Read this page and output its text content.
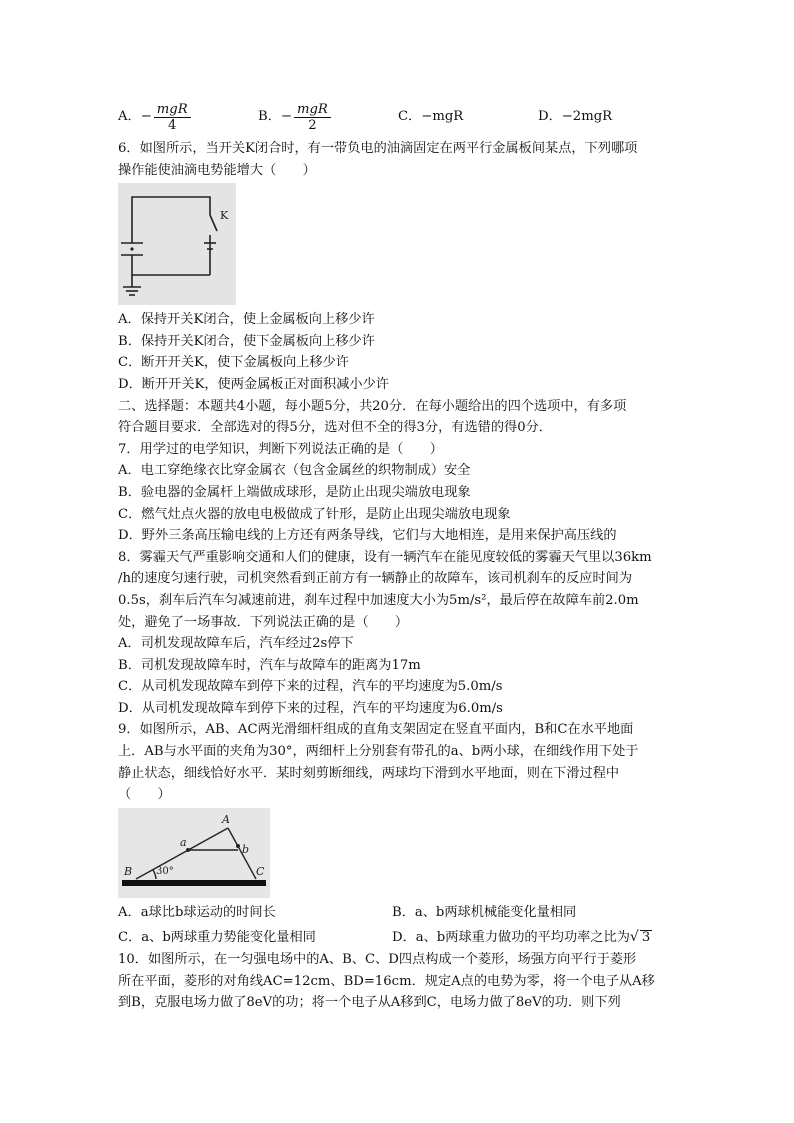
A．− $\frac{\text{mgR}}{4}$	B．− $\frac{\text{mgR}}{2}$	C．−mgR	D．−2mgR
6．如图所示，当开关K闭合时，有一带负电的油滴固定在两平行金属板间某点，下列哪项
操作能使油滴电势能增大（　　）
K
A．保持开关K闭合，使上金属板向上移少许
B．保持开关K闭合，使下金属板向上移少许
C．断开开关K，使下金属板向上移少许
D．断开开关K，使两金属板正对面积减小少许
二、选择题：本题共4小题，每小题5分，共20分．在每小题给出的四个选项中，有多项
符合题目要求．全部选对的得5分，选对但不全的得3分，有选错的得0分．
7．用学过的电学知识，判断下列说法正确的是（　　）
A．电工穿绝缘衣比穿金属衣（包含金属丝的织物制成）安全
B．验电器的金属杆上端做成球形，是防止出现尖端放电现象
C．燃气灶点火器的放电电极做成了针形，是防止出现尖端放电现象
D．野外三条高压输电线的上方还有两条导线，它们与大地相连，是用来保护高压线的
8．雾霾天气严重影响交通和人们的健康，设有一辆汽车在能见度较低的雾霾天气里以36km
/h的速度匀速行驶，司机突然看到正前方有一辆静止的故障车，该司机刹车的反应时间为
0.5s，刹车后汽车匀减速前进，刹车过程中加速度大小为5m/s²，最后停在故障车前2.0m
处，避免了一场事故．下列说法正确的是（　　）
A．司机发现故障车后，汽车经过2s停下
B．司机发现故障车时，汽车与故障车的距离为17m
C．从司机发现故障车到停下来的过程，汽车的平均速度为5.0m/s
D．从司机发现故障车到停下来的过程，汽车的平均速度为6.0m/s
9．如图所示，AB、AC两光滑细杆组成的直角支架固定在竖直平面内，B和C在水平地面
上．AB与水平面的夹角为30°，两细杆上分别套有带孔的a、b两小球，在细线作用下处于
静止状态，细线恰好水平．某时刻剪断细线，两球均下滑到水平地面，则在下滑过程中
（　　）
A
B	C
a
b
30°
A．a球比b球运动的时间长	B．a、b两球机械能变化量相同
C．a、b两球重力势能变化量相同	D．a、b两球重力做功的平均功率之比为√ 3
10．如图所示，在一匀强电场中的A、B、C、D四点构成一个菱形，场强方向平行于菱形
所在平面，菱形的对角线AC=12cm、BD=16cm．规定A点的电势为零，将一个电子从A移
到B，克服电场力做了8eV的功；将一个电子从A移到C，电场力做了8eV的功．则下列
